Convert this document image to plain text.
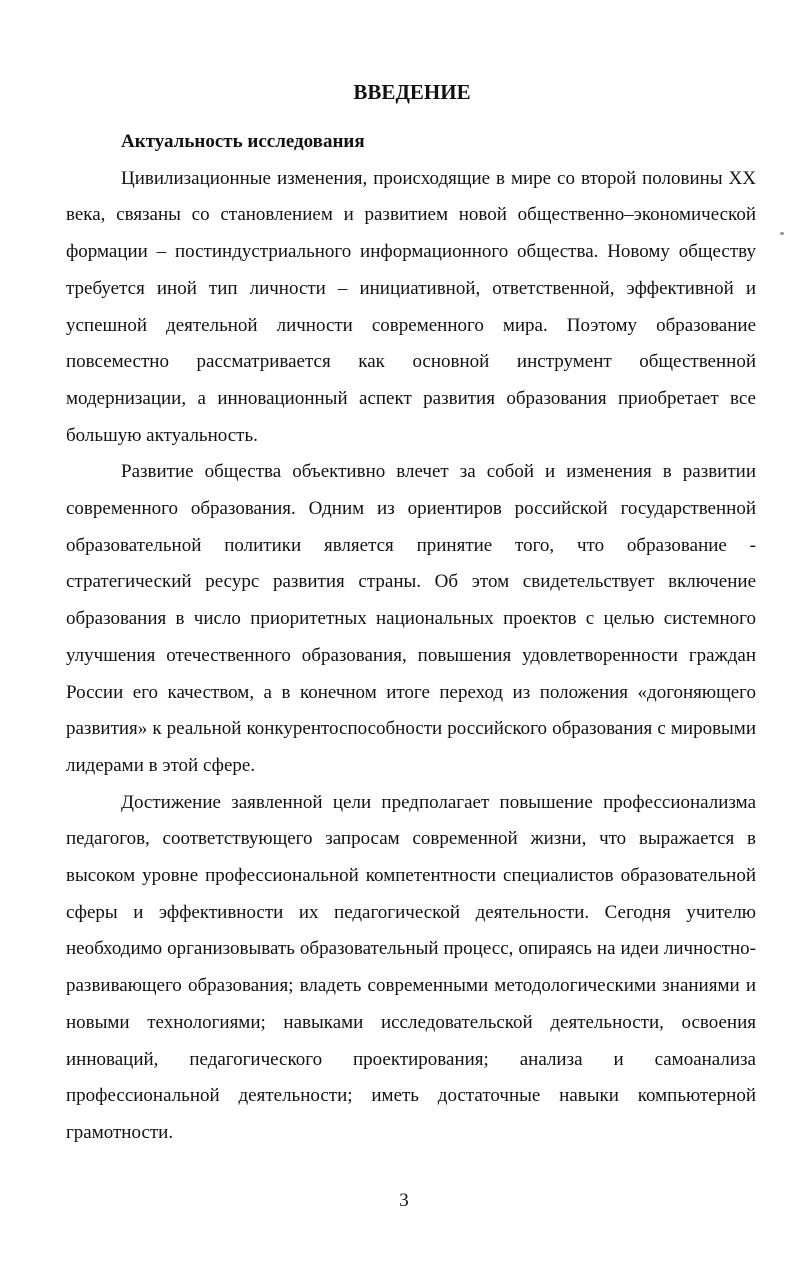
ВВЕДЕНИЕ

Актуальность исследования

Цивилизационные изменения, происходящие в мире со второй половины XX века, связаны со становлением и развитием новой общественно–экономической формации – постиндустриального информационного общества. Новому обществу требуется иной тип личности – инициативной, ответственной, эффективной и успешной деятельной личности современного мира. Поэтому образование повсеместно рассматривается как основной инструмент общественной модернизации, а инновационный аспект развития образования приобретает все большую актуальность.

Развитие общества объективно влечет за собой и изменения в развитии современного образования. Одним из ориентиров российской государственной образовательной политики является принятие того, что образование - стратегический ресурс развития страны. Об этом свидетельствует включение образования в число приоритетных национальных проектов с целью системного улучшения отечественного образования, повышения удовлетворенности граждан России его качеством, а в конечном итоге переход из положения «догоняющего развития» к реальной конкурентоспособности российского образования с мировыми лидерами в этой сфере.

Достижение заявленной цели предполагает повышение профессионализма педагогов, соответствующего запросам современной жизни, что выражается в высоком уровне профессиональной компетентности специалистов образовательной сферы и эффективности их педагогической деятельности. Сегодня учителю необходимо организовывать образовательный процесс, опираясь на идеи личностно-развивающего образования; владеть современными методологическими знаниями и новыми технологиями; навыками исследовательской деятельности, освоения инноваций, педагогического проектирования; анализа и самоанализа профессиональной деятельности; иметь достаточные навыки компьютерной грамотности.

3
